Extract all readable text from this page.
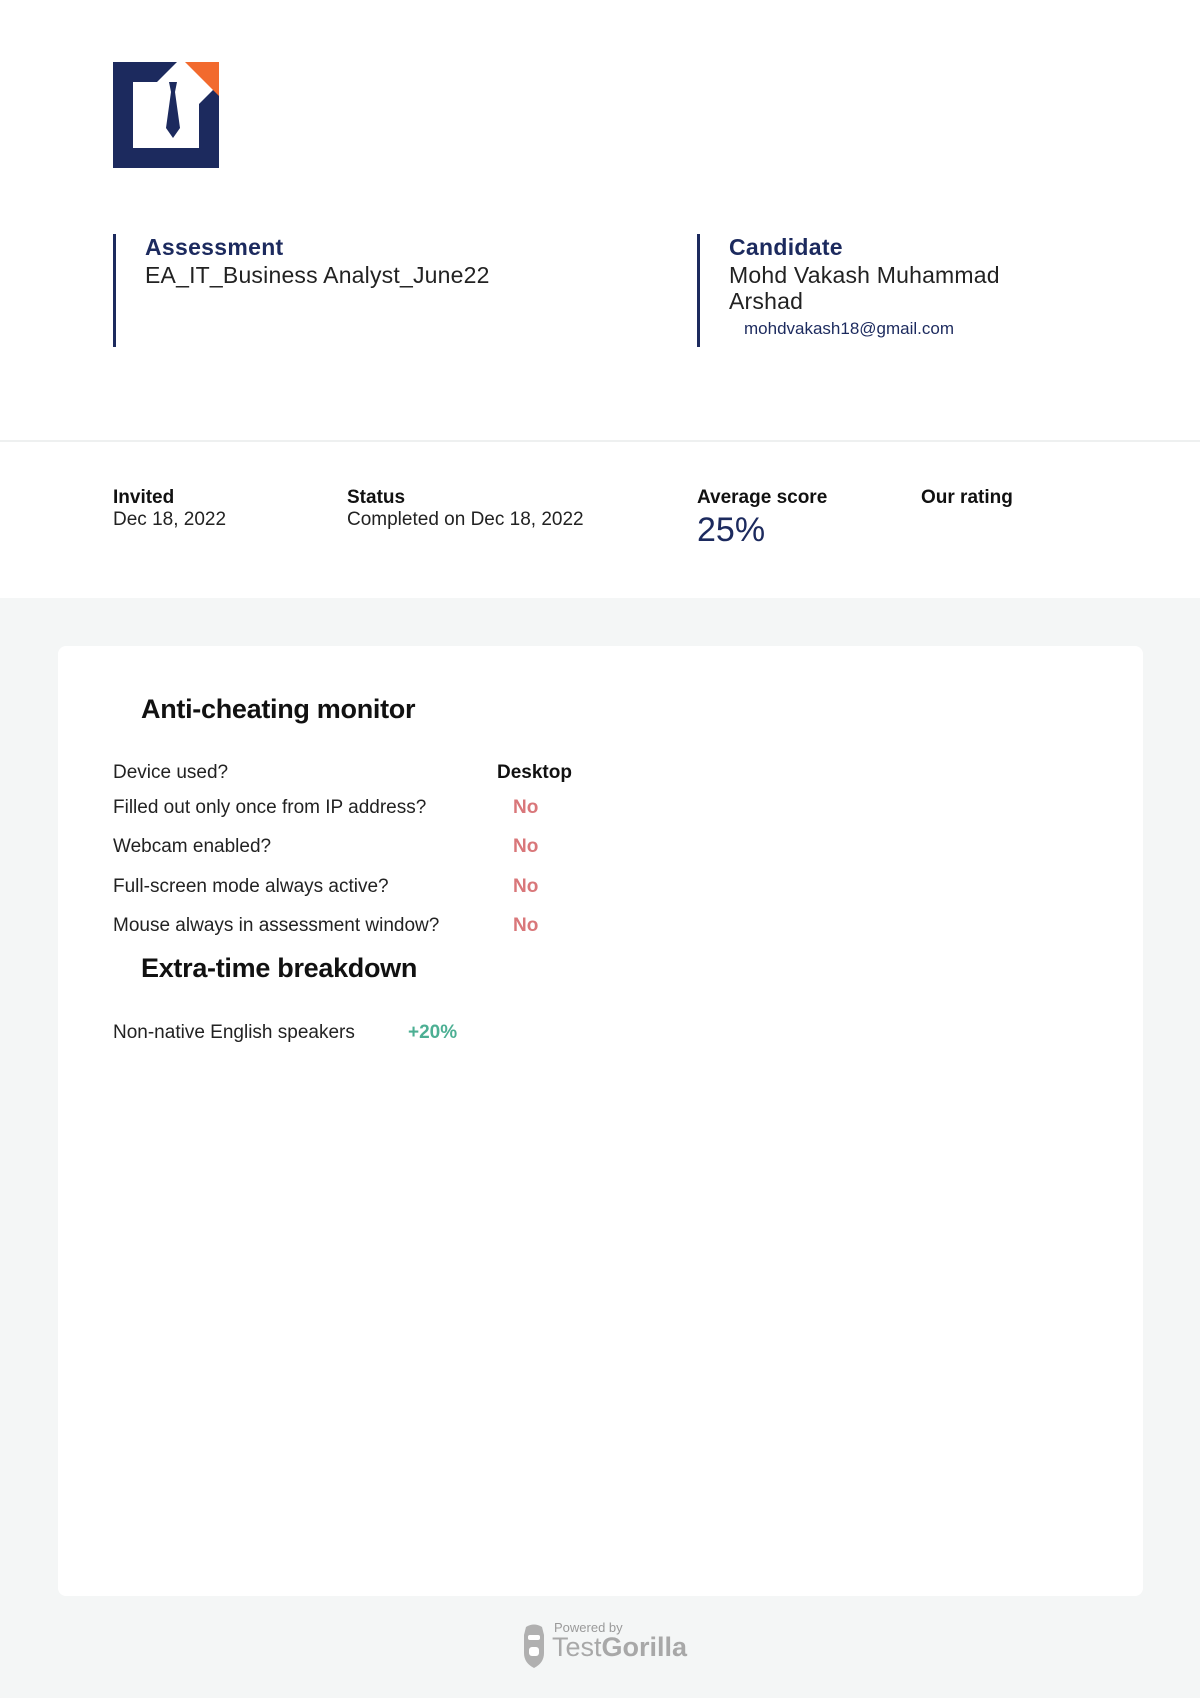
Assessment
EA_IT_Business Analyst_June22
Candidate
Mohd Vakash Muhammad Arshad
mohdvakash18@gmail.com
Invited
Dec 18, 2022
Status
Completed on Dec 18, 2022
Average score
25%
Our rating
Anti-cheating monitor
Device used?	Desktop
Filled out only once from IP address?	No
Webcam enabled?	No
Full-screen mode always active?	No
Mouse always in assessment window?	No
Extra-time breakdown
Non-native English speakers	+20%
Powered by
TestGorilla
